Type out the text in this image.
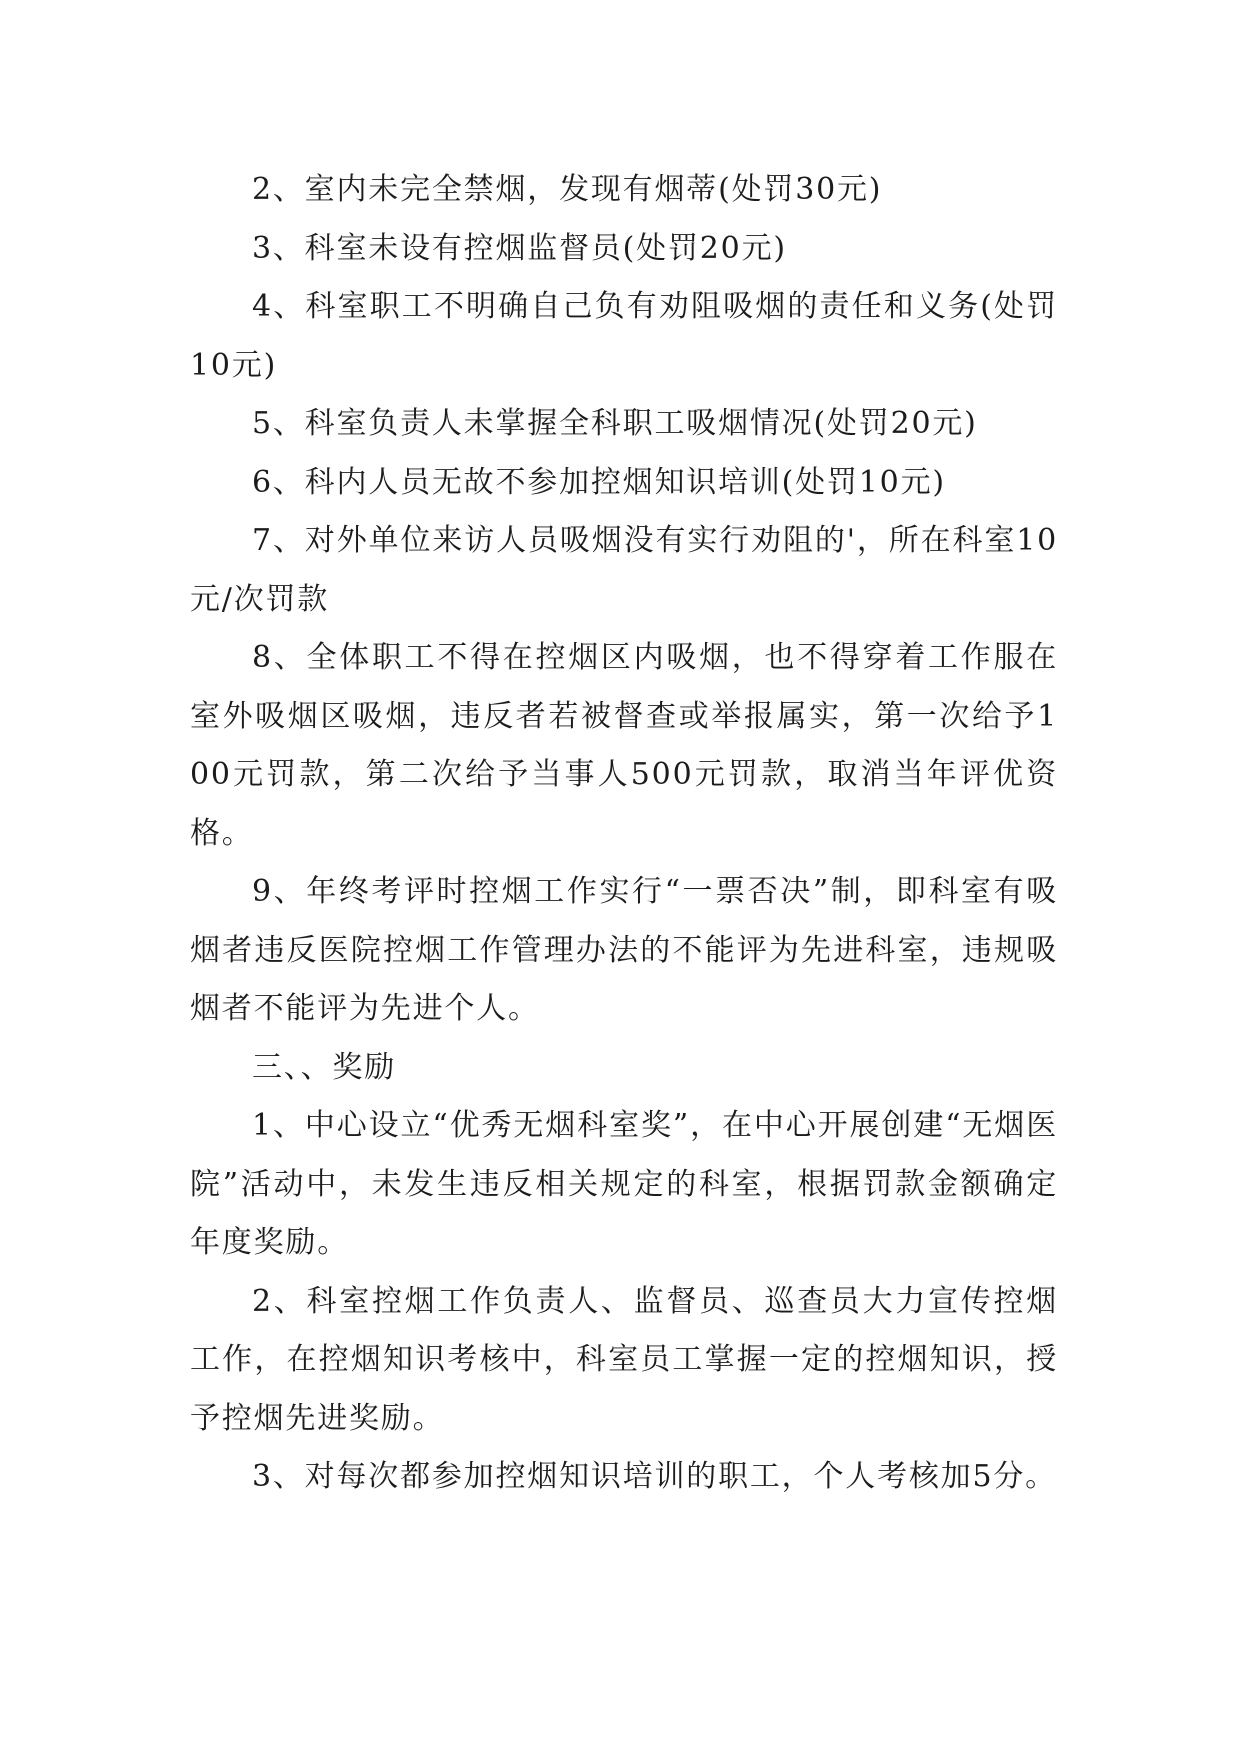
2、室内未完全禁烟，发现有烟蒂(处罚30元)

3、科室未设有控烟监督员(处罚20元)

4、科室职工不明确自己负有劝阻吸烟的责任和义务(处罚10元)

5、科室负责人未掌握全科职工吸烟情况(处罚20元)

6、科内人员无故不参加控烟知识培训(处罚10元)

7、对外单位来访人员吸烟没有实行劝阻的'，所在科室10元/次罚款

8、全体职工不得在控烟区内吸烟，也不得穿着工作服在室外吸烟区吸烟，违反者若被督查或举报属实，第一次给予100元罚款，第二次给予当事人500元罚款，取消当年评优资格。

9、年终考评时控烟工作实行“一票否决”制，即科室有吸烟者违反医院控烟工作管理办法的不能评为先进科室，违规吸烟者不能评为先进个人。

三、、奖励

1、中心设立“优秀无烟科室奖”，在中心开展创建“无烟医院”活动中，未发生违反相关规定的科室，根据罚款金额确定年度奖励。

2、科室控烟工作负责人、监督员、巡查员大力宣传控烟工作，在控烟知识考核中，科室员工掌握一定的控烟知识，授予控烟先进奖励。

3、对每次都参加控烟知识培训的职工，个人考核加5分。
